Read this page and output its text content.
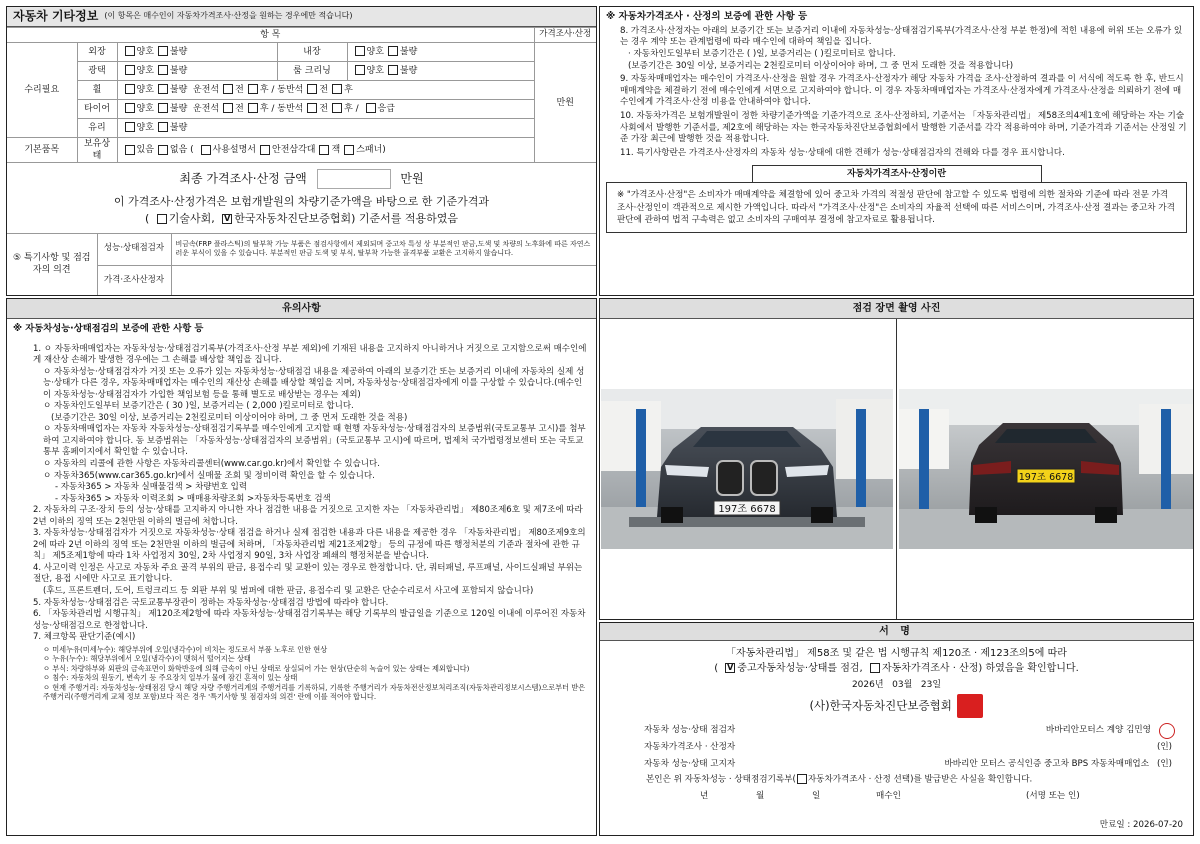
자동차 기타정보 (이 항목은 매수인이 자동차가격조사·산정을 원하는 경우에만 적습니다)
항 목					가격조사·산정
수리필요	외장	양호 불량	내장	양호 불량	만원
	광택	양호 불량	룸 크리닝	양호 불량	
	휠	양호 불량 운전석 전 후 / 동반석 전 후			
	타이어	양호 불량 운전석 전 후 / 동반석 전 후 / 응급			
	유리	양호 불량			
기본품목	보유상태	있음 없음 ( 사용설명서 안전삼각대 잭 스패너)			
최종 가격조사·산정 금액	만원

이 가격조사·산정가격은 보험개발원의 차량기준가액을 바탕으로 한 기준가격과

( 기술사회, V 한국자동차진단보증협회) 기준서를 적용하였음

⑤ 특기사항 및 점검자의 의견	성능·상태점검자	비금속(FRP 플라스틱)의 탈부착 가능 부품은 점검사항에서 제외되며 중고차 특성 상 부분적인 판금,도색 및 차량의 노후화에 따른 자연스러운 부식이 있을 수 있습니다. 부분적인 판금 도색 및 부식, 탈부착 가능한 골격부품 교환은 고지하지 않습니다.
	가격·조사산정자	

※ 자동차가격조사 · 산정의 보증에 관한 사항 등

8. 가격조사·산정자는 아래의 보증기간 또는 보증거리 이내에 자동차성능·상태점검기록부(가격조사·산정 부분 한정)에 적힌 내용에 허위 또는 오류가 있는 경우 계약 또는 관계법령에 따라 매수인에 대하여 책임을 집니다.

· 자동차인도일부터 보증기간은 ( )일, 보증거리는 ( )킬로미터로 합니다.

(보증기간은 30일 이상, 보증거리는 2천킬로미터 이상이어야 하며, 그 중 먼저 도래한 것을 적용합니다)

9. 자동차매매업자는 매수인이 가격조사·산정을 원할 경우 가격조사·산정자가 해당 자동차 가격을 조사·산정하여 결과를 이 서식에 적도록 한 후, 반드시 매매계약을 체결하기 전에 매수인에게 서면으로 고지하여야 합니다. 이 경우 자동차매매업자는 가격조사·산정자에게 가격조사·산정을 의뢰하기 전에 매수인에게 가격조사·산정 비용을 안내하여야 합니다.

10. 자동차가격은 보험개발원이 정한 차량기준가액을 기준가격으로 조사·산정하되, 기준서는 「자동차관리법」 제58조의4제1호에 해당하는 자는 기술사회에서 발행한 기준서를, 제2호에 해당하는 자는 한국자동차진단보증협회에서 발행한 기준서를 각각 적용하여야 하며, 기준가격과 기준서는 산정일 기준 가장 최근에 발행한 것을 적용합니다.

11. 특기사항란은 가격조사·산정자의 자동차 성능·상태에 대한 견해가 성능·상태점검자의 견해와 다를 경우 표시합니다.

자동차가격조사·산정이란

※ "가격조사·산정"은 소비자가 매매계약을 체결함에 있어 중고차 가격의 적절성 판단에 참고할 수 있도록 법령에 의한 절차와 기준에 따라 전문 가격조사·산정인이 객관적으로 제시한 가액입니다. 따라서 "가격조사·산정"은 소비자의 자율적 선택에 따른 서비스이며, 가격조사·산정 결과는 중고차 가격판단에 관하여 법적 구속력은 없고 소비자의 구매여부 결정에 참고자료로 활용됩니다.

유의사항

※ 자동차성능·상태점검의 보증에 관한 사항 등

1. ㅇ 자동차매매업자는 자동차성능·상태점검기록부(가격조사·산정 부분 제외)에 기재된 내용을 고지하지 아니하거나 거짓으로 고지함으로써 매수인에게 재산상 손해가 발생한 경우에는 그 손해를 배상할 책임을 집니다.

ㅇ 자동차성능·상태점검자가 거짓 또는 오류가 있는 자동차성능·상태점검 내용을 제공하여 아래의 보증기간 또는 보증거리 이내에 자동차의 실제 성능·상태가 다른 경우, 자동차매매업자는 매수인의 재산상 손해를 배상할 책임을 지며, 자동차성능·상태점검자에게 이를 구상할 수 있습니다.(매수인이 자동차성능·상태점검자가 가입한 책임보험 등을 통해 별도로 배상받는 경우는 제외)

ㅇ 자동차인도일부터 보증기간은 ( 30 )일, 보증거리는 ( 2,000 )킬로미터로 합니다.

(보증기간은 30일 이상, 보증거리는 2천킬로미터 이상이어야 하며, 그 중 먼저 도래한 것을 적용)

ㅇ 자동차매매업자는 자동차 자동차성능·상태점검기록부를 매수인에게 고지할 때 현행 자동차성능·상태점검자의 보증범위(국토교통부 고시)를 첨부하여 고지하여야 합니다. 동 보증범위는 「자동차성능·상태점검자의 보증범위」(국토교통부 고시)에 따르며, 법제처 국가법령정보센터 또는 국토교통부 홈페이지에서 확인할 수 있습니다.

ㅇ 자동차의 리콜에 관한 사항은 자동차리콜센터(www.car.go.kr)에서 확인할 수 있습니다.

ㅇ 자동차365(www.car365.go.kr)에서 실매물 조회 및 정비이력 확인을 할 수 있습니다.

- 자동차365 > 자동차 실매물검색 > 차량번호 입력

- 자동차365 > 자동차 이력조회 > 매매용차량조회 >자동차등록번호 검색

2. 자동차의 구조·장치 등의 성능·상태를 고지하지 아니한 자나 점검한 내용을 거짓으로 고지한 자는 「자동차관리법」 제80조제6호 및 제7조에 따라 2년 이하의 징역 또는 2천만원 이하의 벌금에 처합니다.

3. 자동차성능·상태점검자가 거짓으로 자동차성능·상태 점검을 하거나 실제 점검한 내용과 다른 내용을 제공한 경우 「자동차관리법」 제80조제9호의2에 따라 2년 이하의 징역 또는 2천만원 이하의 벌금에 처하며, 「자동차관리법 제21조제2항」 등의 규정에 따른 행정처분의 기준과 절차에 관한 규칙」 제5조제1항에 따라 1차 사업정지 30일, 2차 사업정지 90일, 3차 사업장 폐쇄의 행정처분을 받습니다.

4. 사고이력 인정은 사고로 자동차 주요 골격 부위의 판금, 용접수리 및 교환이 있는 경우로 한정합니다. 단, 쿼터패널, 루프패널, 사이드실패널 부위는 절단, 용접 시에만 사고로 표기합니다.

(후드, 프론트펜더, 도어, 트렁크리드 등 외판 부위 및 범퍼에 대한 판금, 용접수리 및 교환은 단순수리로서 사고에 포함되지 않습니다)

5. 자동차성능·상태점검은 국토교통부장관이 정하는 자동차성능·상태점검 방법에 따라야 합니다.

6. 「자동차관리법 시행규칙」 제120조제2항에 따라 자동차성능·상태점검기록부는 해당 기록부의 발급일을 기준으로 120일 이내에 이루어진 자동차 성능·상태점검으로 한정합니다.

7. 체크항목 판단기준(예시)

ㅇ 미세누유(미세누수): 해당부위에 오일(냉각수)이 비치는 정도로서 부품 노후로 인한 현상

ㅇ 누유(누수): 해당부위에서 오일(냉각수)이 맺혀서 떨어지는 상태

ㅇ 부식: 차량하부와 외판의 금속표면이 화학반응에 의해 금속이 아닌 상태로 상실되어 가는 현상(단순히 녹슬어 있는 상태는 제외합니다)

ㅇ 침수: 자동차의 원동기, 변속기 등 주요장치 일부가 물에 잠긴 흔적이 있는 상태

ㅇ 현재 주행거리: 자동차성능·상태점검 당시 해당 자량 주행거리계의 주행거리를 기록하되, 기록한 주행거리가 자동차전산정보처리조직(자동차관리정보시스템)으로부터 받은 주행거리(주행거리계 교체 정보 포함)보다 적은 경우 '특기사항 및 점검자의 의견' 란에 이를 적어야 합니다.

점검 장면 촬영 사진
197조 6678
197조 6678
서 명

「자동차관리법」 제58조 및 같은 법 시행규칙 제120조 · 제123조의5에 따라

( V 중고자동차성능·상태를 점검, 자동차가격조사 · 산정) 하였음을 확인합니다.

2026년 03월 23일

(사)한국자동차진단보증협회
자동차 성능·상태 점검자	바바리안모터스 계양 김민영
자동차가격조사 · 산정자	(인)
자동차 성능·상태 고지자	바바리안 모터스 공식인증 중고차 BPS 자동차매매업소 (인)

본인은 위 자동차성능 · 상태점검기록부( 자동차가격조사 · 산정 선택)를 발급받은 사실을 확인합니다.

년	월	일	매수인	(서명 또는 인)

만료일 : 2026-07-20
